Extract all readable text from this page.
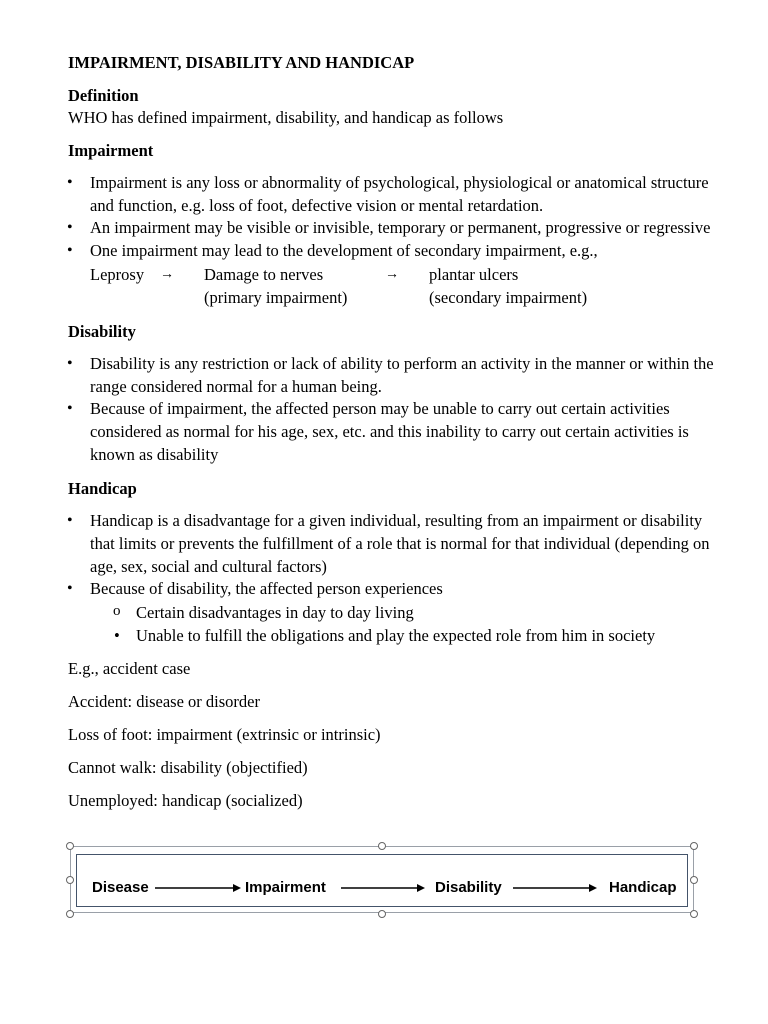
IMPAIRMENT, DISABILITY AND HANDICAP

Definition

WHO has defined impairment, disability, and handicap as follows

Impairment

• Impairment is any loss or abnormality of psychological, physiological or anatomical structure and function, e.g. loss of foot, defective vision or mental retardation.
• An impairment may be visible or invisible, temporary or permanent, progressive or regressive
• One impairment may lead to the development of secondary impairment, e.g.,
Leprosy → Damage to nerves	→ plantar ulcers
(primary impairment)	(secondary impairment)

Disability

• Disability is any restriction or lack of ability to perform an activity in the manner or within the range considered normal for a human being.
• Because of impairment, the affected person may be unable to carry out certain activities considered as normal for his age, sex, etc. and this inability to carry out certain activities is known as disability

Handicap

• Handicap is a disadvantage for a given individual, resulting from an impairment or disability that limits or prevents the fulfillment of a role that is normal for that individual (depending on age, sex, social and cultural factors)
• Because of disability, the affected person experiences
o Certain disadvantages in day to day living
• Unable to fulfill the obligations and play the expected role from him in society

E.g., accident case

Accident: disease or disorder

Loss of foot: impairment (extrinsic or intrinsic)

Cannot walk: disability (objectified)

Unemployed: handicap (socialized)

Disease	Impairment	Disability	Handicap
